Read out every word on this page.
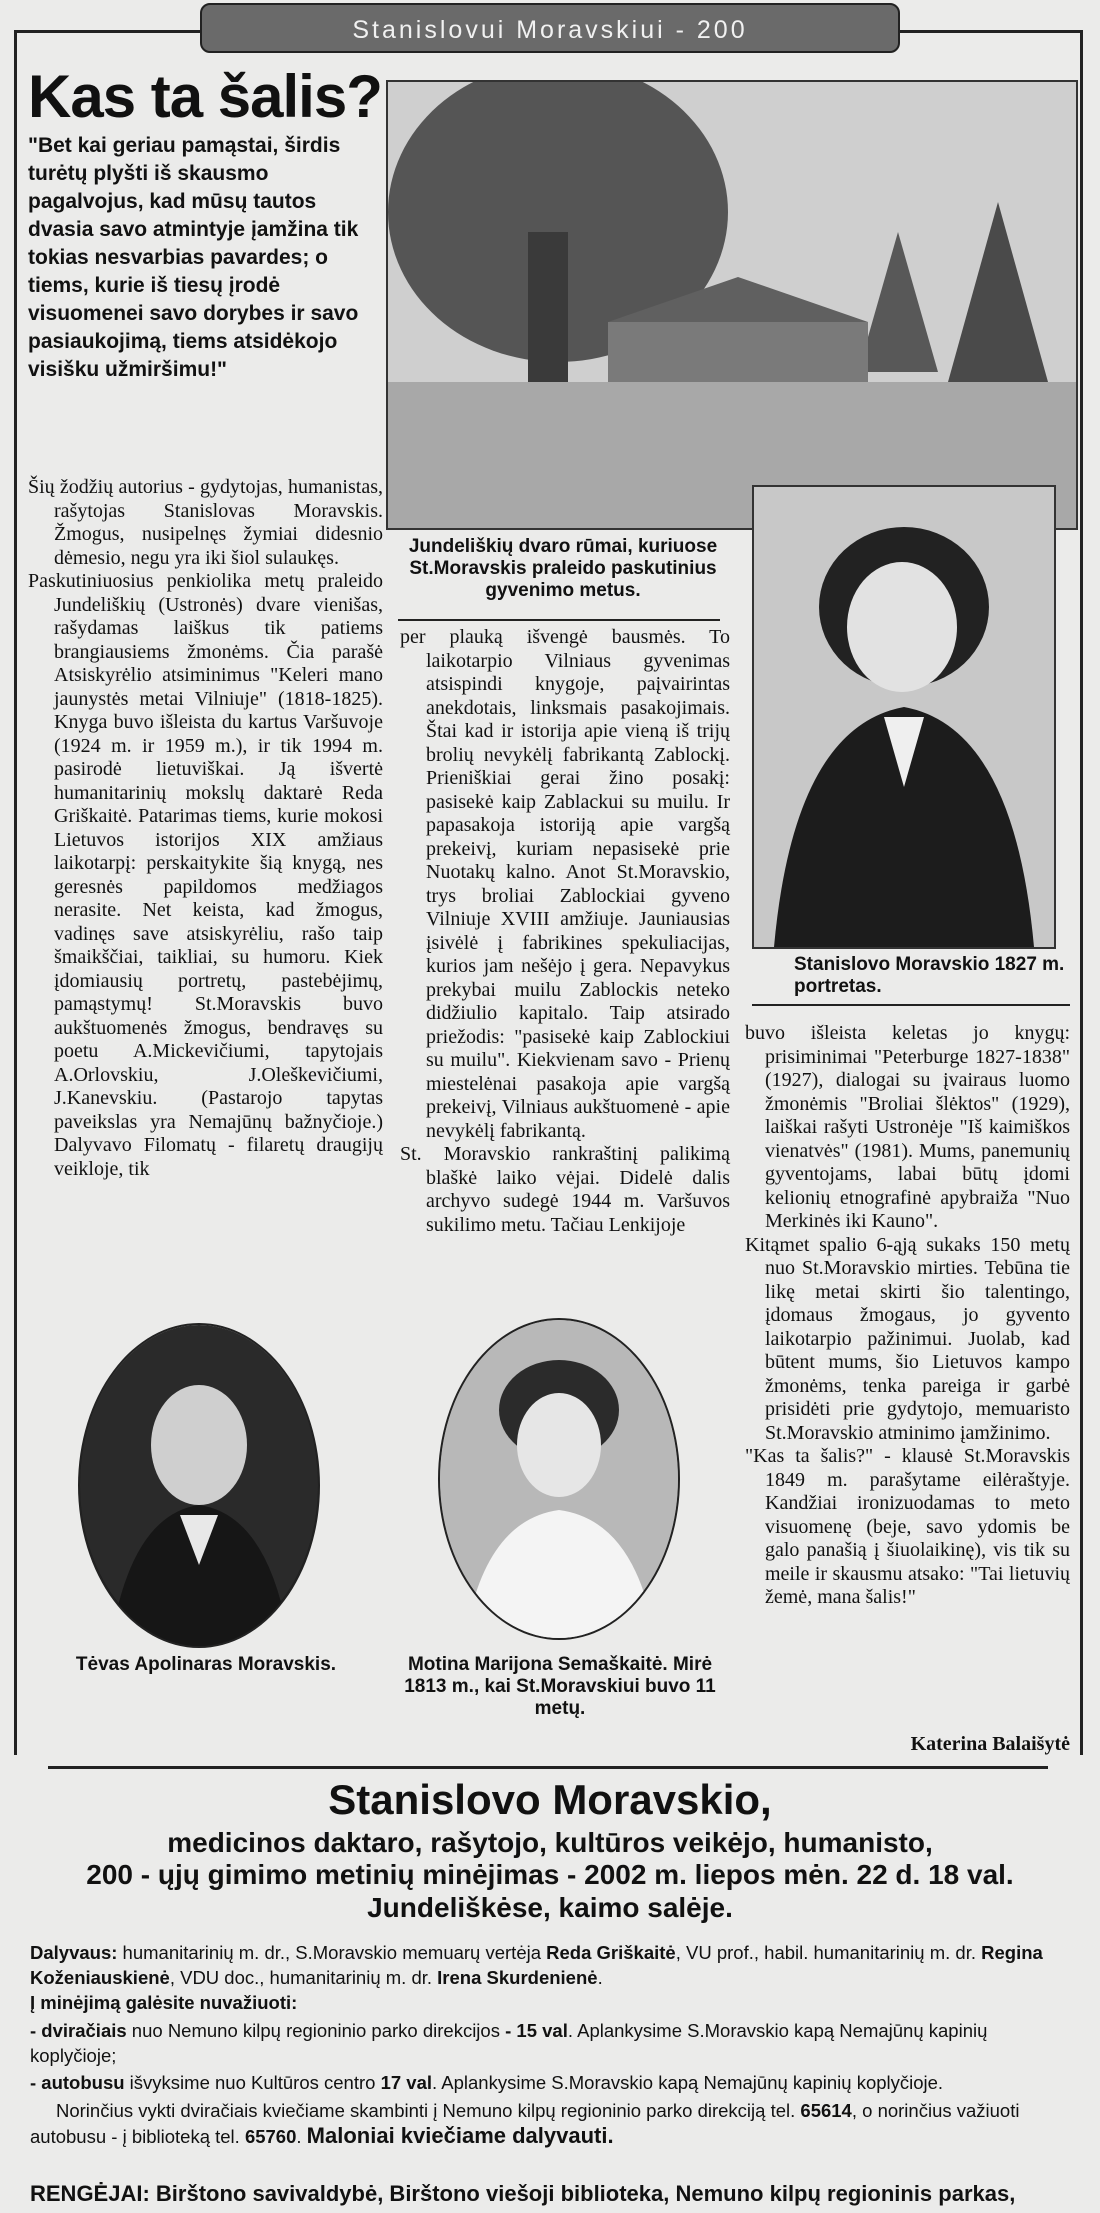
Stanislovui Moravskiui - 200
Kas ta šalis?
"Bet kai geriau pamąstai, širdis turėtų plyšti iš skausmo pagalvojus, kad mūsų tautos dvasia savo atmintyje įamžina tik tokias nesvarbias pavardes; o tiems, kurie iš tiesų įrodė visuomenei savo dorybes ir savo pasiaukojimą, tiems atsidėkojo visišku užmiršimu!"

Šių žodžių autorius - gydytojas, humanistas, rašytojas Stanislovas Moravskis. Žmogus, nusipelnęs žymiai didesnio dėmesio, negu yra iki šiol sulaukęs.

Paskutiniuosius penkiolika metų praleido Jundeliškių (Ustronės) dvare vienišas, rašydamas laiškus tik patiems brangiausiems žmonėms. Čia parašė Atsiskyrėlio atsiminimus "Keleri mano jaunystės metai Vilniuje" (1818-1825). Knyga buvo išleista du kartus Varšuvoje (1924 m. ir 1959 m.), ir tik 1994 m. pasirodė lietuviškai. Ją išvertė humanitarinių mokslų daktarė Reda Griškaitė. Patarimas tiems, kurie mokosi Lietuvos istorijos XIX amžiaus laikotarpį: perskaitykite šią knygą, nes geresnės papildomos medžiagos nerasite. Net keista, kad žmogus, vadinęs save atsiskyrėliu, rašo taip šmaikščiai, taikliai, su humoru. Kiek įdomiausių portretų, pastebėjimų, pamąstymų! St.Moravskis buvo aukštuomenės žmogus, bendravęs su poetu A.Mickevičiumi, tapytojais A.Orlovskiu, J.Oleškevičiumi, J.Kanevskiu. (Pastarojo tapytas paveikslas yra Nemajūnų bažnyčioje.) Dalyvavo Filomatų - filaretų draugijų veikloje, tik

Jundeliškių dvaro rūmai, kuriuose St.Moravskis praleido paskutinius gyvenimo metus.
Stanislovo Moravskio 1827 m. portretas.

per plauką išvengė bausmės. To laikotarpio Vilniaus gyvenimas atsispindi knygoje, paįvairintas anekdotais, linksmais pasakojimais. Štai kad ir istorija apie vieną iš trijų brolių nevykėlį fabrikantą Zablockį. Prieniškiai gerai žino posakį: pasisekė kaip Zablackui su muilu. Ir papasakoja istoriją apie vargšą prekeivį, kuriam nepasisekė prie Nuotakų kalno. Anot St.Moravskio, trys broliai Zablockiai gyveno Vilniuje XVIII amžiuje. Jauniausias įsivėlė į fabrikines spekuliacijas, kurios jam nešėjo į gera. Nepavykus prekybai muilu Zablockis neteko didžiulio kapitalo. Taip atsirado priežodis: "pasisekė kaip Zablockiui su muilu". Kiekvienam savo - Prienų miestelėnai pasakoja apie vargšą prekeivį, Vilniaus aukštuomenė - apie nevykėlį fabrikantą.

St. Moravskio rankraštinį palikimą blaškė laiko vėjai. Didelė dalis archyvo sudegė 1944 m. Varšuvos sukilimo metu. Tačiau Lenkijoje

buvo išleista keletas jo knygų: prisiminimai "Peterburge 1827-1838" (1927), dialogai su įvairaus luomo žmonėmis "Broliai šlėktos" (1929), laiškai rašyti Ustronėje "Iš kaimiškos vienatvės" (1981). Mums, panemunių gyventojams, labai būtų įdomi kelionių etnografinė apybraiža "Nuo Merkinės iki Kauno".

Kitąmet spalio 6-ąją sukaks 150 metų nuo St.Moravskio mirties. Tebūna tie likę metai skirti šio talentingo, įdomaus žmogaus, jo gyvento laikotarpio pažinimui. Juolab, kad būtent mums, šio Lietuvos kampo žmonėms, tenka pareiga ir garbė prisidėti prie gydytojo, memuaristo St.Moravskio atminimo įamžinimo.

"Kas ta šalis?" - klausė St.Moravskis 1849 m. parašytame eilėraštyje. Kandžiai ironizuodamas to meto visuomenę (beje, savo ydomis be galo panašią į šiuolaikinę), vis tik su meile ir skausmu atsako: "Tai lietuvių žemė, mana šalis!"

Katerina Balaišytė
Tėvas Apolinaras Moravskis.	Motina Marijona Semaškaitė. Mirė 1813 m., kai St.Moravskiui buvo 11 metų.
Stanislovo Moravskio,
medicinos daktaro, rašytojo, kultūros veikėjo, humanisto,
200 - ųjų gimimo metinių minėjimas - 2002 m. liepos mėn. 22 d. 18 val.
Jundeliškėse, kaimo salėje.
Dalyvaus: humanitarinių m. dr., S.Moravskio memuarų vertėja Reda Griškaitė, VU prof., habil. humanitarinių m. dr. Regina Koženiauskienė, VDU doc., humanitarinių m. dr. Irena Skurdenienė.
Į minėjimą galėsite nuvažiuoti:
- dviračiais nuo Nemuno kilpų regioninio parko direkcijos - 15 val. Aplankysime S.Moravskio kapą Nemajūnų kapinių koplyčioje;
- autobusu išvyksime nuo Kultūros centro 17 val. Aplankysime S.Moravskio kapą Nemajūnų kapinių koplyčioje.
Norinčius vykti dviračiais kviečiame skambinti į Nemuno kilpų regioninio parko direkciją tel. 65614, o norinčius važiuoti autobusu - į biblioteką tel. 65760. Maloniai kviečiame dalyvauti.
RENGĖJAI: Birštono savivaldybė, Birštono viešoji biblioteka, Nemuno kilpų regioninis parkas,
